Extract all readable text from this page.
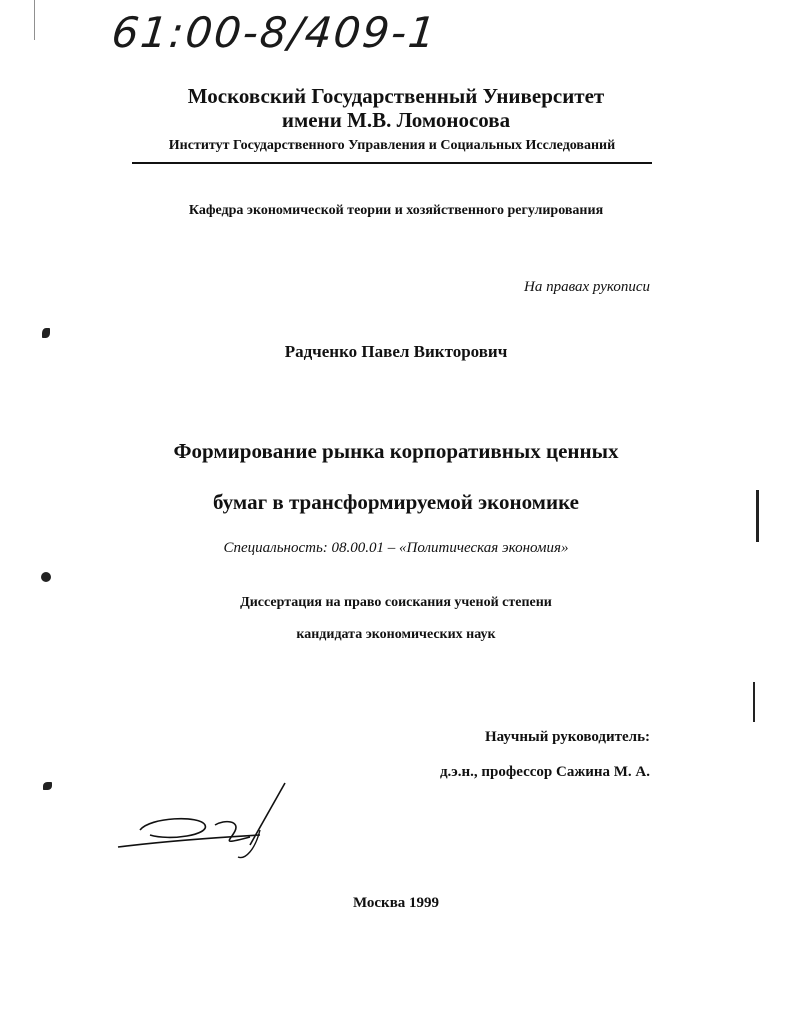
61:00-8/409-1
Московский Государственный Университет
имени М.В. Ломоносова
Институт Государственного Управления и Социальных Исследований
Кафедра экономической теории и хозяйственного регулирования
На правах рукописи
Радченко Павел Викторович
Формирование рынка корпоративных ценных
бумаг в трансформируемой экономике
Специальность: 08.00.01 – «Политическая экономия»
Диссертация на право соискания ученой степени
кандидата экономических наук
Научный руководитель:
д.э.н., профессор Сажина М. А.
Москва 1999
